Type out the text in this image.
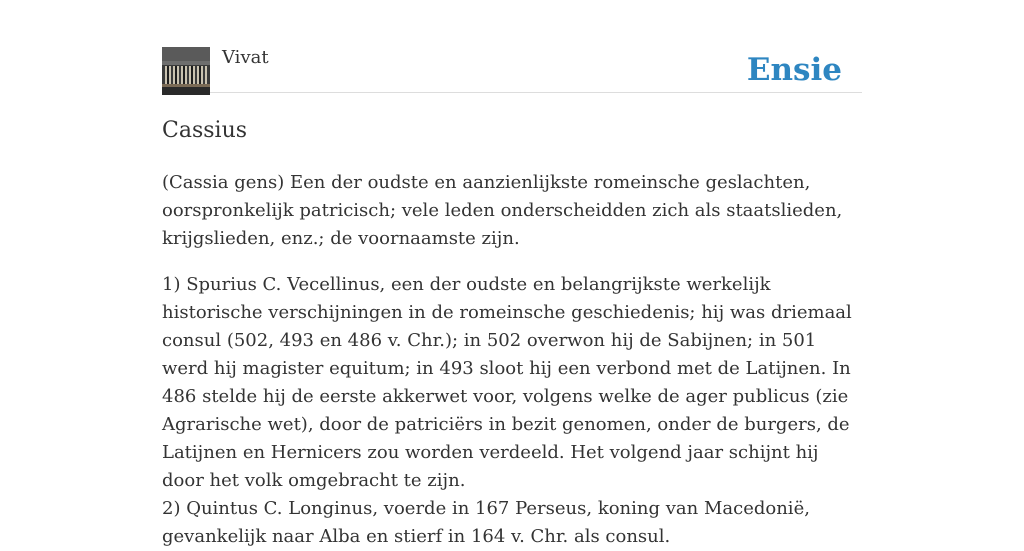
Vivat	Ensie
Cassius

(Cassia gens) Een der oudste en aanzienlijkste romeinsche geslachten, oorspronkelijk patricisch; vele leden onderscheidden zich als staatslieden, krijgslieden, enz.; de voornaamste zijn.

1) Spurius C. Vecellinus, een der oudste en belangrijkste werkelijk historische verschijningen in de romeinsche geschiedenis; hij was driemaal consul (502, 493 en 486 v. Chr.); in 502 overwon hij de Sabijnen; in 501 werd hij magister equitum; in 493 sloot hij een verbond met de Latijnen. In 486 stelde hij de eerste akkerwet voor, volgens welke de ager publicus (zie Agrarische wet), door de patriciërs in bezit genomen, onder de burgers, de Latijnen en Hernicers zou worden verdeeld. Het volgend jaar schijnt hij door het volk omgebracht te zijn.

2) Quintus C. Longinus, voerde in 167 Perseus, koning van Macedonië, gevankelijk naar Alba en stierf in 164 v. Chr. als consul.
